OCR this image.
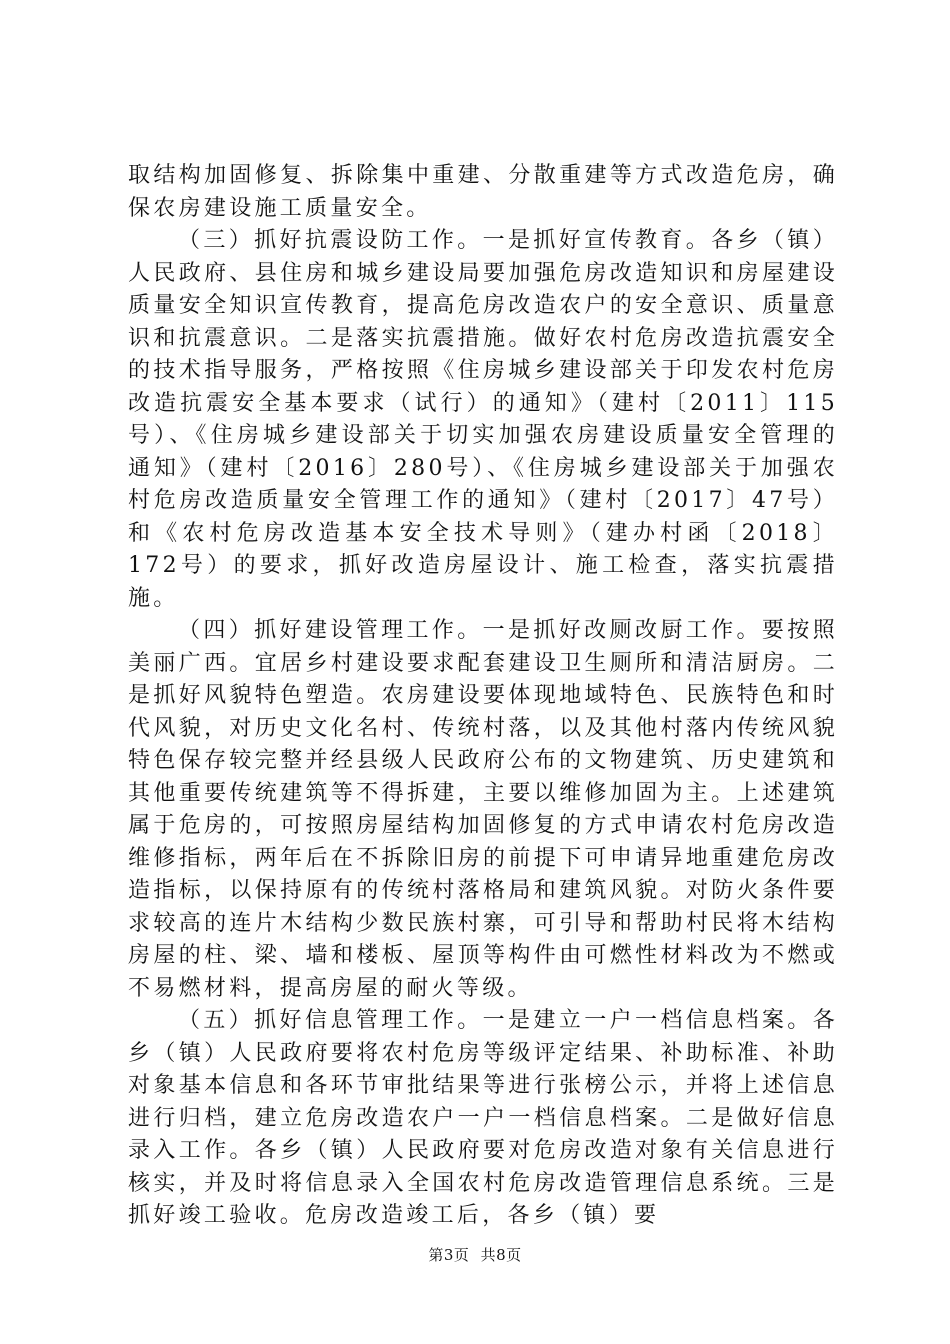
取结构加固修复、拆除集中重建、分散重建等方式改造危房，确保农房建设施工质量安全。

（三）抓好抗震设防工作。一是抓好宣传教育。各乡（镇）人民政府、县住房和城乡建设局要加强危房改造知识和房屋建设质量安全知识宣传教育，提高危房改造农户的安全意识、质量意识和抗震意识。二是落实抗震措施。做好农村危房改造抗震安全的技术指导服务，严格按照《住房城乡建设部关于印发农村危房改造抗震安全基本要求（试行）的通知》（建村〔2011〕115号）、《住房城乡建设部关于切实加强农房建设质量安全管理的通知》（建村〔2016〕280号）、《住房城乡建设部关于加强农村危房改造质量安全管理工作的通知》（建村〔2017〕47号）和《农村危房改造基本安全技术导则》（建办村函〔2018〕172号）的要求，抓好改造房屋设计、施工检查，落实抗震措施。

（四）抓好建设管理工作。一是抓好改厕改厨工作。要按照美丽广西。宜居乡村建设要求配套建设卫生厕所和清洁厨房。二是抓好风貌特色塑造。农房建设要体现地域特色、民族特色和时代风貌，对历史文化名村、传统村落，以及其他村落内传统风貌特色保存较完整并经县级人民政府公布的文物建筑、历史建筑和其他重要传统建筑等不得拆建，主要以维修加固为主。上述建筑属于危房的，可按照房屋结构加固修复的方式申请农村危房改造维修指标，两年后在不拆除旧房的前提下可申请异地重建危房改造指标，以保持原有的传统村落格局和建筑风貌。对防火条件要求较高的连片木结构少数民族村寨，可引导和帮助村民将木结构房屋的柱、梁、墙和楼板、屋顶等构件由可燃性材料改为不燃或不易燃材料，提高房屋的耐火等级。

（五）抓好信息管理工作。一是建立一户一档信息档案。各乡（镇）人民政府要将农村危房等级评定结果、补助标准、补助对象基本信息和各环节审批结果等进行张榜公示，并将上述信息进行归档，建立危房改造农户一户一档信息档案。二是做好信息录入工作。各乡（镇）人民政府要对危房改造对象有关信息进行核实，并及时将信息录入全国农村危房改造管理信息系统。三是抓好竣工验收。危房改造竣工后，各乡（镇）要

第3页 共8页
